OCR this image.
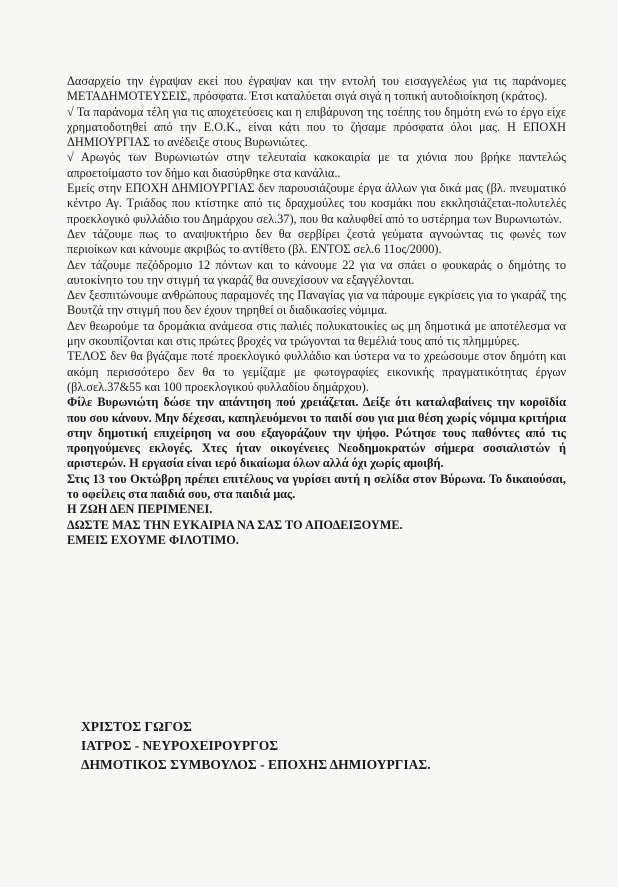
Δασαρχείο την έγραψαν εκεί που έγραψαν και την εντολή του εισαγγελέως για τις παράνομες ΜΕΤΑΔΗΜΟΤΕΥΣΕΙΣ, πρόσφατα. Έτσι καταλύεται σιγά σιγά η τοπική αυτοδιοίκηση (κράτος).

√ Τα παράνομα τέλη για τις αποχετεύσεις και η επιβάρυνση της τσέπης του δημότη ενώ το έργο είχε χρηματοδοτηθεί από την Ε.Ο.Κ., είναι κάτι που το ζήσαμε πρόσφατα όλοι μας. Η ΕΠΟΧΗ ΔΗΜΙΟΥΡΓΙΑΣ το ανέδειξε στους Βυρωνιώτες.

√ Αρωγός των Βυρωνιωτών στην τελευταία κακοκαιρία με τα χιόνια που βρήκε παντελώς απροετοίμαστο τον δήμο και διασύρθηκε στα κανάλια..

Εμείς στην ΕΠΟΧΗ ΔΗΜΙΟΥΡΓΙΑΣ δεν παρουσιάζουμε έργα άλλων για δικά μας (βλ. πνευματικό κέντρο Αγ. Τριάδος που κτίστηκε από τις δραχμούλες του κοσμάκι που εκκλησιάζεται-πολυτελές προεκλογικό φυλλάδιο του Δημάρχου σελ.37), που θα καλυφθεί από το υστέρημα των Βυρωνιωτών.

Δεν τάζουμε πως το αναψυκτήριο δεν θα σερβίρει ζεστά γεύματα αγνοώντας τις φωνές των περιοίκων και κάνουμε ακριβώς το αντίθετο (βλ. ΕΝΤΟΣ σελ.6 11ος/2000).

Δεν τάζουμε πεζόδρομιο 12 πόντων και το κάνουμε 22 για να σπάει ο φουκαράς ο δημότης το αυτοκίνητο του την στιγμή τα γκαράζ θα συνεχίσουν να εξαγγέλονται.

Δεν ξεσπιτώνουμε ανθρώπους παραμονές της Παναγίας για να πάρουμε εγκρίσεις για το γκαράζ της Βουτζά την στιγμή που δεν έχουν τηρηθεί οι διαδικασίες νόμιμα.

Δεν θεωρούμε τα δρομάκια ανάμεσα στις παλιές πολυκατοικίες ως μη δημοτικά με αποτέλεσμα να μην σκουπίζονται και στις πρώτες βροχές να τρώγονται τα θεμέλιά τους από τις πλημμύρες.

ΤΕΛΟΣ δεν θα βγάζαμε ποτέ προεκλογικό φυλλάδιο και ύστερα να το χρεώσουμε στον δημότη και ακόμη περισσότερο δεν θα το γεμίζαμε με φωτογραφίες εικονικής πραγματικότητας έργων (βλ.σελ.37&55 και 100 προεκλογικού φυλλαδίου δημάρχου).

Φίλε Βυρωνιώτη δώσε την απάντηση πού χρειάζεται. Δείξε ότι καταλαβαίνεις την κοροϊδία που σου κάνουν. Μην δέχεσαι, καπηλευόμενοι το παιδί σου για μια θέση χωρίς νόμιμα κριτήρια στην δημοτική επιχείρηση να σου εξαγοράζουν την ψήφο. Ρώτησε τους παθόντες από τις προηγούμενες εκλογές. Χτες ήταν οικογένειες Νεοδημοκρατών σήμερα σοσιαλιστών ή αριστερών. Η εργασία είναι ιερό δικαίωμα όλων αλλά όχι χωρίς αμοιβή.

Στις 13 του Οκτώβρη πρέπει επιτέλους να γυρίσει αυτή η σελίδα στον Βύρωνα. Το δικαιούσαι, το οφείλεις στα παιδιά σου, στα παιδιά μας.

Η ΖΩΗ ΔΕΝ ΠΕΡΙΜΕΝΕΙ.

ΔΩΣΤΕ ΜΑΣ ΤΗΝ ΕΥΚΑΙΡΙΑ ΝΑ ΣΑΣ ΤΟ ΑΠΟΔΕΙΞΟΥΜΕ.

ΕΜΕΙΣ ΕΧΟΥΜΕ ΦΙΛΟΤΙΜΟ.

ΧΡΙΣΤΟΣ ΓΩΓΟΣ
ΙΑΤΡΟΣ - ΝΕΥΡΟΧΕΙΡΟΥΡΓΟΣ
ΔΗΜΟΤΙΚΟΣ ΣΥΜΒΟΥΛΟΣ - ΕΠΟΧΗΣ ΔΗΜΙΟΥΡΓΙΑΣ.
